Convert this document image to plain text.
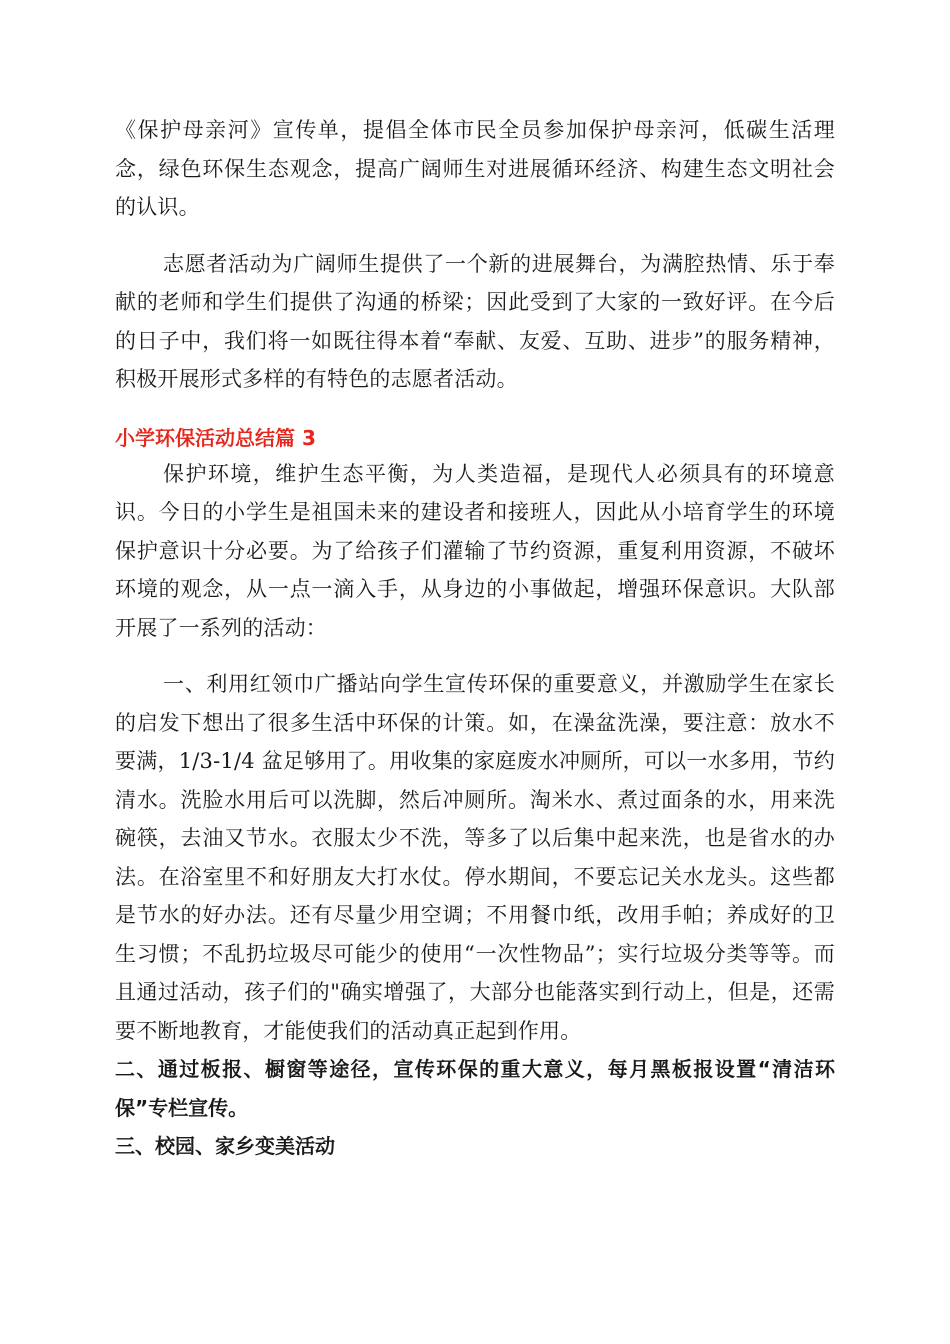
《保护母亲河》宣传单，提倡全体市民全员参加保护母亲河，低碳生活理念，绿色环保生态观念，提高广阔师生对进展循环经济、构建生态文明社会的认识。

志愿者活动为广阔师生提供了一个新的进展舞台，为满腔热情、乐于奉献的老师和学生们提供了沟通的桥梁；因此受到了大家的一致好评。在今后的日子中，我们将一如既往得本着“奉献、友爱、互助、进步”的服务精神，积极开展形式多样的有特色的志愿者活动。

小学环保活动总结篇 3

保护环境，维护生态平衡，为人类造福，是现代人必须具有的环境意识。今日的小学生是祖国未来的建设者和接班人，因此从小培育学生的环境保护意识十分必要。为了给孩子们灌输了节约资源，重复利用资源，不破坏环境的观念，从一点一滴入手，从身边的小事做起，增强环保意识。大队部开展了一系列的活动：

一、利用红领巾广播站向学生宣传环保的重要意义，并激励学生在家长的启发下想出了很多生活中环保的计策。如，在澡盆洗澡，要注意：放水不要满，1/3-1/4 盆足够用了。用收集的家庭废水冲厕所，可以一水多用，节约清水。洗脸水用后可以洗脚，然后冲厕所。淘米水、煮过面条的水，用来洗碗筷，去油又节水。衣服太少不洗，等多了以后集中起来洗，也是省水的办法。在浴室里不和好朋友大打水仗。停水期间，不要忘记关水龙头。这些都是节水的好办法。还有尽量少用空调；不用餐巾纸，改用手帕；养成好的卫生习惯；不乱扔垃圾尽可能少的使用“一次性物品”；实行垃圾分类等等。而且通过活动，孩子们的"确实增强了，大部分也能落实到行动上，但是，还需要不断地教育，才能使我们的活动真正起到作用。

二、通过板报、橱窗等途径，宣传环保的重大意义，每月黑板报设置“清洁环保”专栏宣传。

三、校园、家乡变美活动
